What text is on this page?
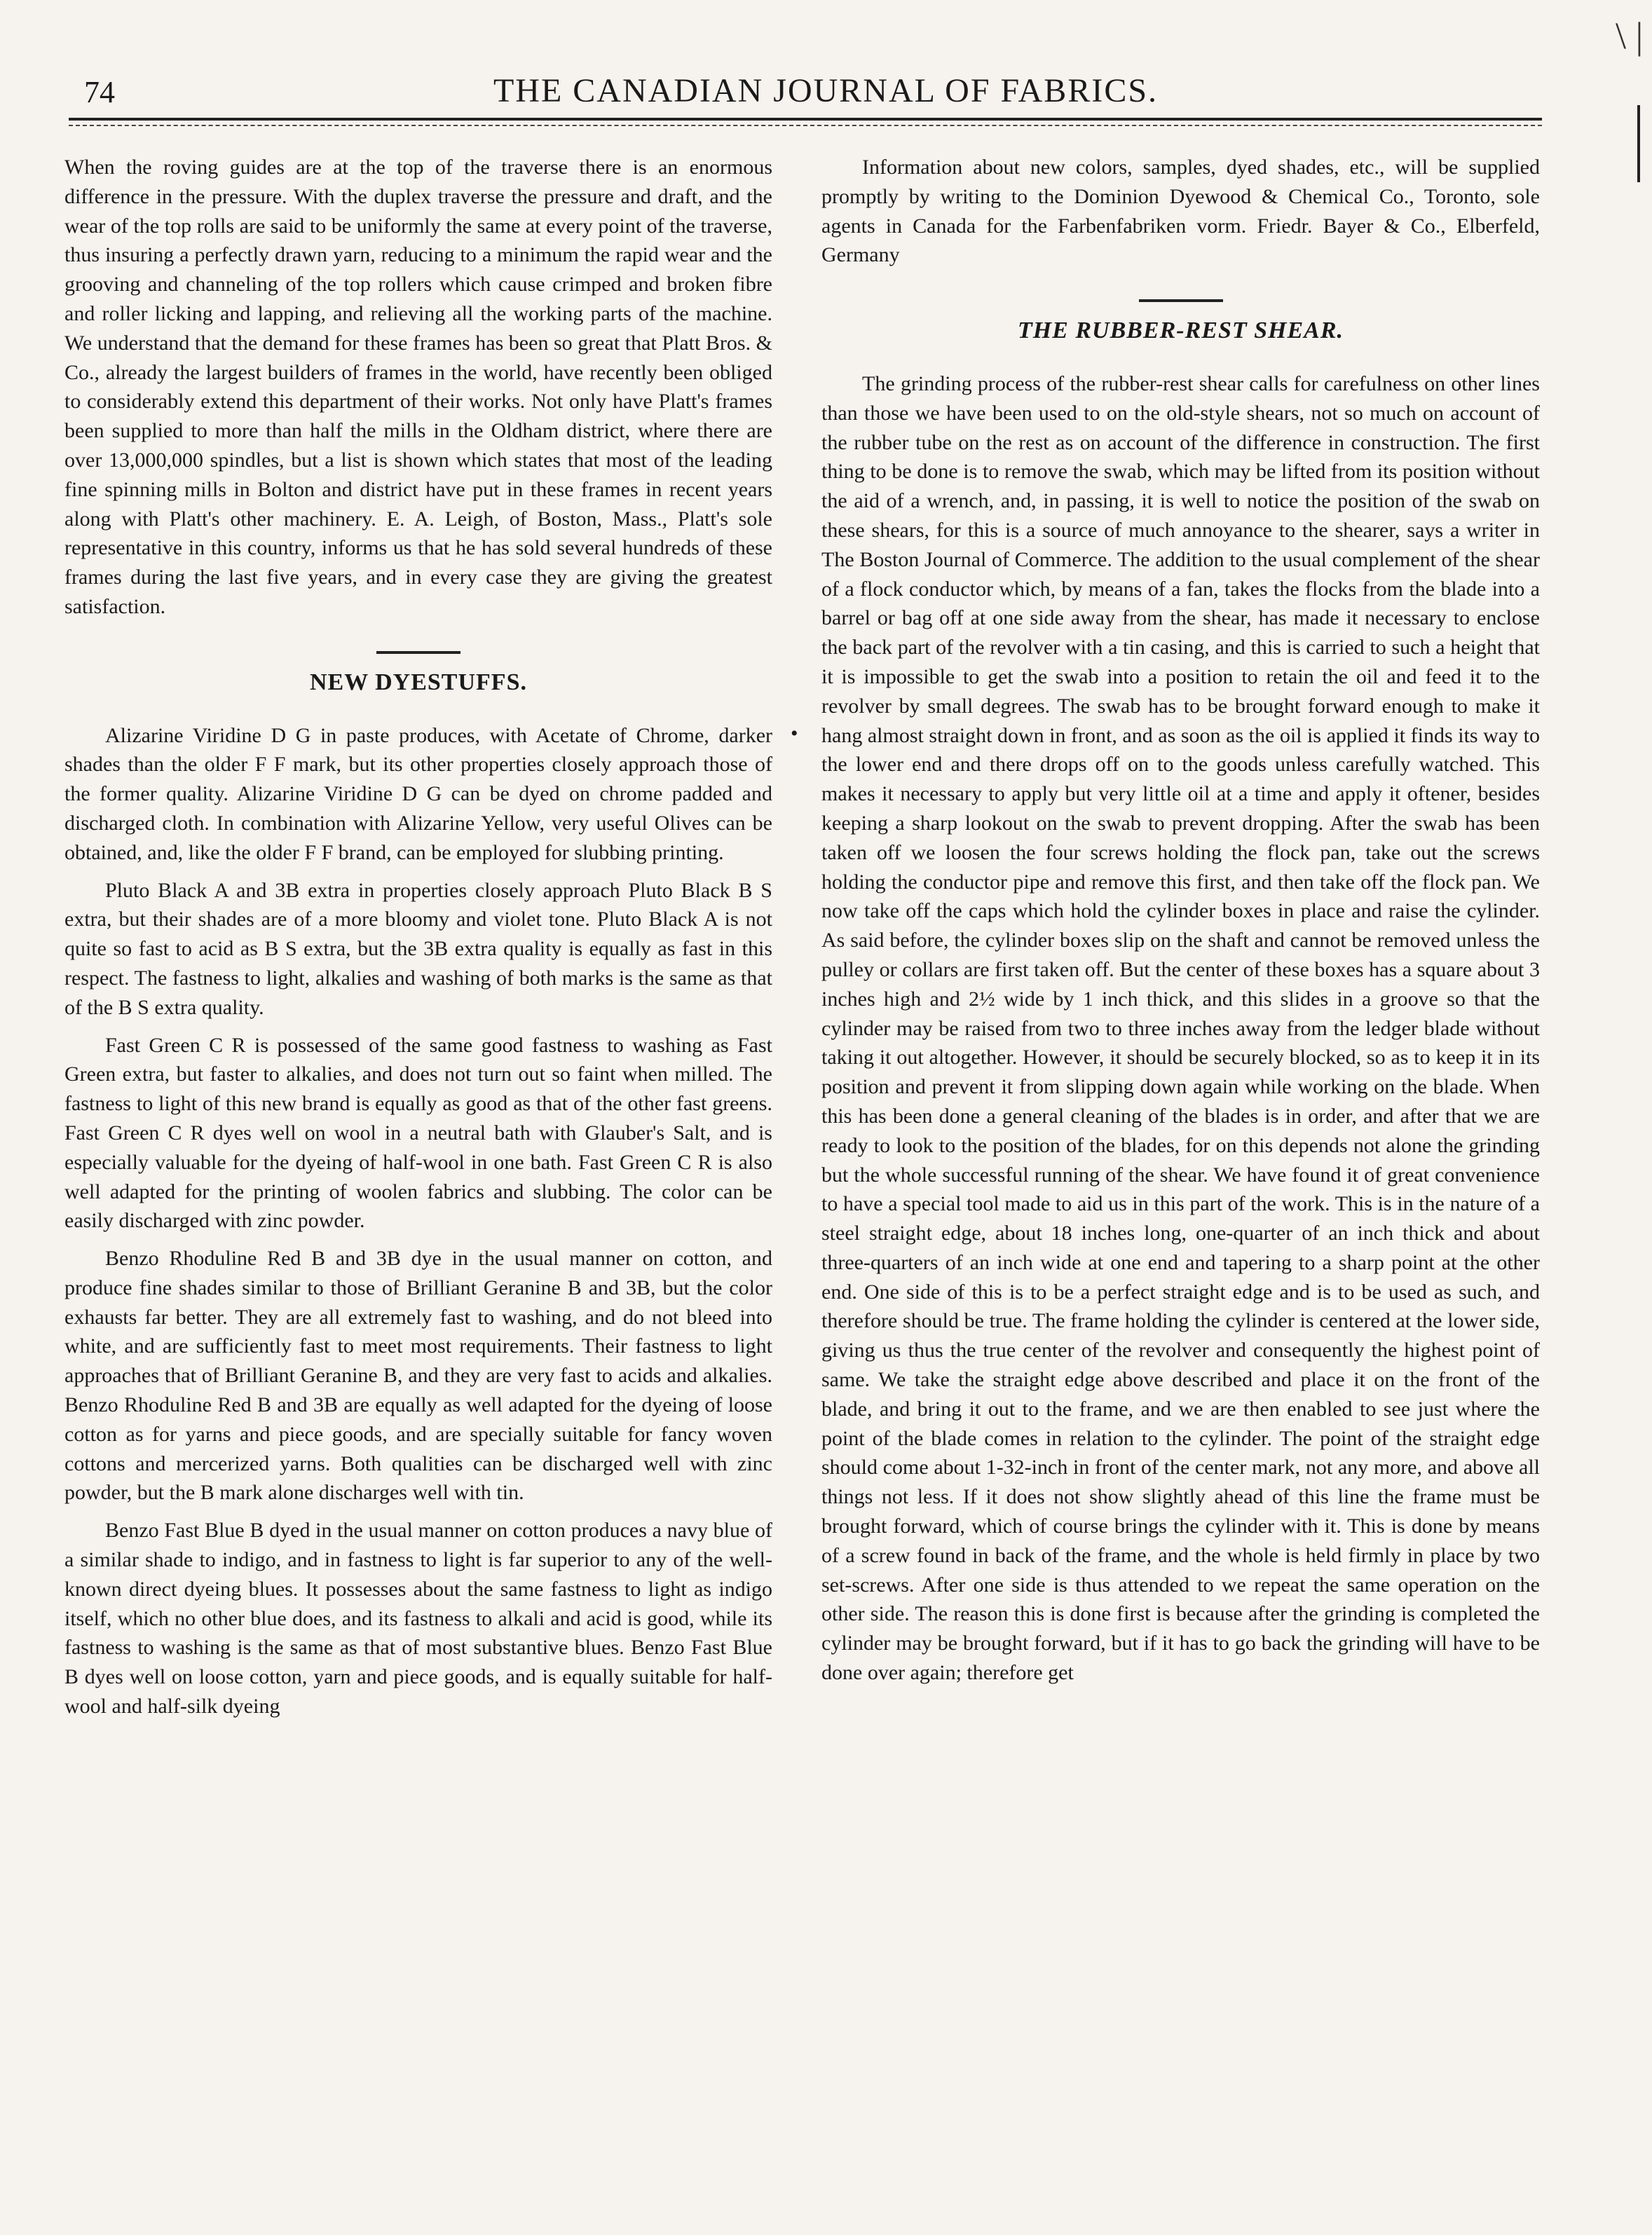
\ |
74	THE CANADIAN JOURNAL OF FABRICS.
•

When the roving guides are at the top of the traverse there is an enormous difference in the pressure. With the duplex traverse the pressure and draft, and the wear of the top rolls are said to be uniformly the same at every point of the traverse, thus insuring a perfectly drawn yarn, reducing to a minimum the rapid wear and the grooving and channeling of the top rollers which cause crimped and broken fibre and roller licking and lapping, and relieving all the working parts of the machine. We understand that the demand for these frames has been so great that Platt Bros. & Co., already the largest builders of frames in the world, have recently been obliged to considerably extend this department of their works. Not only have Platt's frames been supplied to more than half the mills in the Oldham district, where there are over 13,000,000 spindles, but a list is shown which states that most of the leading fine spinning mills in Bolton and district have put in these frames in recent years along with Platt's other machinery. E. A. Leigh, of Boston, Mass., Platt's sole representative in this country, informs us that he has sold several hundreds of these frames during the last five years, and in every case they are giving the greatest satisfaction.

NEW DYESTUFFS.

Alizarine Viridine D G in paste produces, with Acetate of Chrome, darker shades than the older F F mark, but its other properties closely approach those of the former quality. Alizarine Viridine D G can be dyed on chrome padded and discharged cloth. In combination with Alizarine Yellow, very useful Olives can be obtained, and, like the older F F brand, can be employed for slubbing printing.

Pluto Black A and 3B extra in properties closely approach Pluto Black B S extra, but their shades are of a more bloomy and violet tone. Pluto Black A is not quite so fast to acid as B S extra, but the 3B extra quality is equally as fast in this respect. The fastness to light, alkalies and washing of both marks is the same as that of the B S extra quality.

Fast Green C R is possessed of the same good fastness to washing as Fast Green extra, but faster to alkalies, and does not turn out so faint when milled. The fastness to light of this new brand is equally as good as that of the other fast greens. Fast Green C R dyes well on wool in a neutral bath with Glauber's Salt, and is especially valuable for the dyeing of half-wool in one bath. Fast Green C R is also well adapted for the printing of woolen fabrics and slubbing. The color can be easily discharged with zinc powder.

Benzo Rhoduline Red B and 3B dye in the usual manner on cotton, and produce fine shades similar to those of Brilliant Geranine B and 3B, but the color exhausts far better. They are all extremely fast to washing, and do not bleed into white, and are sufficiently fast to meet most requirements. Their fastness to light approaches that of Brilliant Geranine B, and they are very fast to acids and alkalies. Benzo Rhoduline Red B and 3B are equally as well adapted for the dyeing of loose cotton as for yarns and piece goods, and are specially suitable for fancy woven cottons and mercerized yarns. Both qualities can be discharged well with zinc powder, but the B mark alone discharges well with tin.

Benzo Fast Blue B dyed in the usual manner on cotton produces a navy blue of a similar shade to indigo, and in fastness to light is far superior to any of the well-known direct dyeing blues. It possesses about the same fastness to light as indigo itself, which no other blue does, and its fastness to alkali and acid is good, while its fastness to washing is the same as that of most substantive blues. Benzo Fast Blue B dyes well on loose cotton, yarn and piece goods, and is equally suitable for half-wool and half-silk dyeing

Information about new colors, samples, dyed shades, etc., will be supplied promptly by writing to the Dominion Dyewood & Chemical Co., Toronto, sole agents in Canada for the Farbenfabriken vorm. Friedr. Bayer & Co., Elberfeld, Germany

THE RUBBER-REST SHEAR.

The grinding process of the rubber-rest shear calls for carefulness on other lines than those we have been used to on the old-style shears, not so much on account of the rubber tube on the rest as on account of the difference in construction. The first thing to be done is to remove the swab, which may be lifted from its position without the aid of a wrench, and, in passing, it is well to notice the position of the swab on these shears, for this is a source of much annoyance to the shearer, says a writer in The Boston Journal of Commerce. The addition to the usual complement of the shear of a flock conductor which, by means of a fan, takes the flocks from the blade into a barrel or bag off at one side away from the shear, has made it necessary to enclose the back part of the revolver with a tin casing, and this is carried to such a height that it is impossible to get the swab into a position to retain the oil and feed it to the revolver by small degrees. The swab has to be brought forward enough to make it hang almost straight down in front, and as soon as the oil is applied it finds its way to the lower end and there drops off on to the goods unless carefully watched. This makes it necessary to apply but very little oil at a time and apply it oftener, besides keeping a sharp lookout on the swab to prevent dropping. After the swab has been taken off we loosen the four screws holding the flock pan, take out the screws holding the conductor pipe and remove this first, and then take off the flock pan. We now take off the caps which hold the cylinder boxes in place and raise the cylinder. As said before, the cylinder boxes slip on the shaft and cannot be removed unless the pulley or collars are first taken off. But the center of these boxes has a square about 3 inches high and 2½ wide by 1 inch thick, and this slides in a groove so that the cylinder may be raised from two to three inches away from the ledger blade without taking it out altogether. However, it should be securely blocked, so as to keep it in its position and prevent it from slipping down again while working on the blade. When this has been done a general cleaning of the blades is in order, and after that we are ready to look to the position of the blades, for on this depends not alone the grinding but the whole successful running of the shear. We have found it of great convenience to have a special tool made to aid us in this part of the work. This is in the nature of a steel straight edge, about 18 inches long, one-quarter of an inch thick and about three-quarters of an inch wide at one end and tapering to a sharp point at the other end. One side of this is to be a perfect straight edge and is to be used as such, and therefore should be true. The frame holding the cylinder is centered at the lower side, giving us thus the true center of the revolver and consequently the highest point of same. We take the straight edge above described and place it on the front of the blade, and bring it out to the frame, and we are then enabled to see just where the point of the blade comes in relation to the cylinder. The point of the straight edge should come about 1-32-inch in front of the center mark, not any more, and above all things not less. If it does not show slightly ahead of this line the frame must be brought forward, which of course brings the cylinder with it. This is done by means of a screw found in back of the frame, and the whole is held firmly in place by two set-screws. After one side is thus attended to we repeat the same operation on the other side. The reason this is done first is because after the grinding is completed the cylinder may be brought forward, but if it has to go back the grinding will have to be done over again; therefore get
